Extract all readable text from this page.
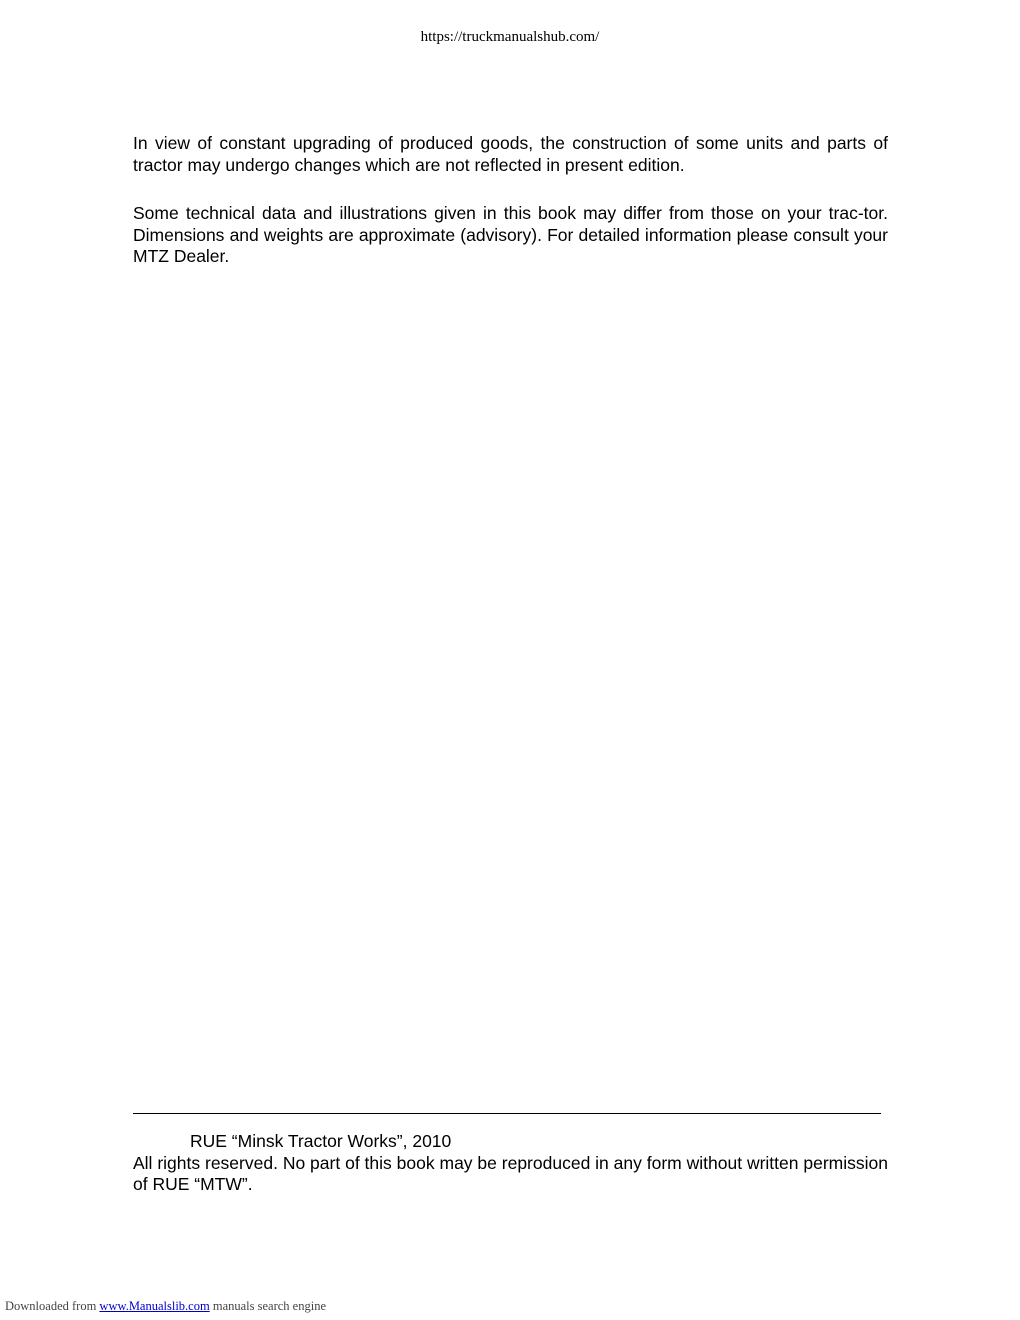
https://truckmanualshub.com/
In view of constant upgrading of produced goods, the construction of some units and parts of tractor may undergo changes which are not reflected in present edition.
Some technical data and illustrations given in this book may differ from those on your trac-tor. Dimensions and weights are approximate (advisory). For detailed information please consult your MTZ Dealer.
RUE “Minsk Tractor Works”, 2010
All rights reserved. No part of this book may be reproduced in any form without written permission of RUE “MTW”.
Downloaded from www.Manualslib.com manuals search engine
